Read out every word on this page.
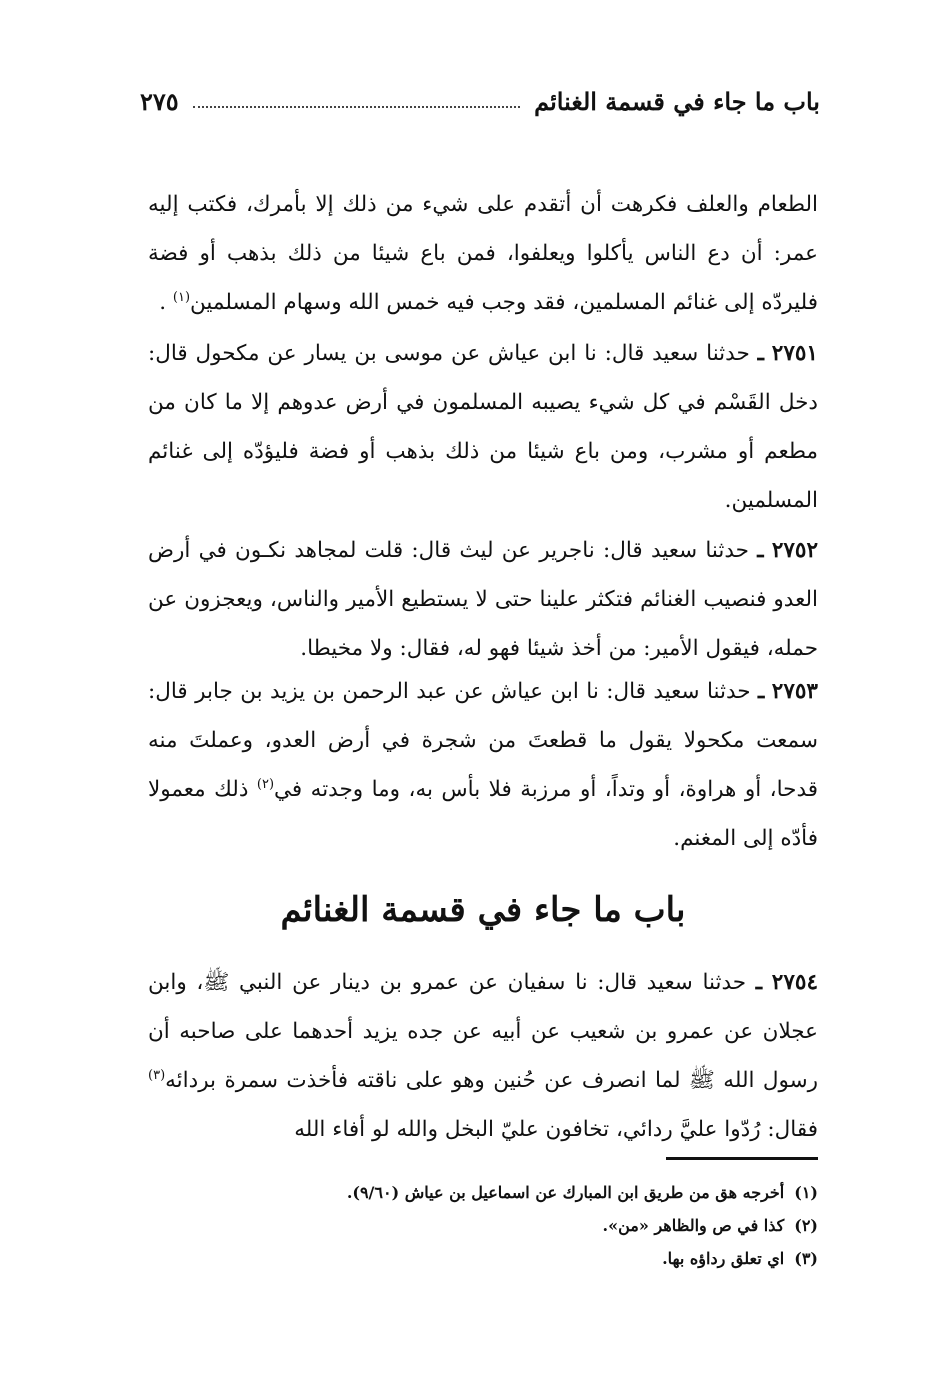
باب ما جاء في قسمة الغنائم
٢٧٥

الطعام والعلف فكرهت أن أتقدم على شيء من ذلك إلا بأمرك، فكتب إليه عمر: أن دع الناس يأكلوا ويعلفوا، فمن باع شيئا من ذلك بذهب أو فضة فليردّه إلى غنائم المسلمين، فقد وجب فيه خمس الله وسهام المسلمين$^{(١)}$ .

٢٧٥١ ـ حدثنا سعيد قال: نا ابن عياش عن موسى بن يسار عن مكحول قال: دخل القَسْم في كل شيء يصيبه المسلمون في أرض عدوهم إلا ما كان من مطعم أو مشرب، ومن باع شيئا من ذلك بذهب أو فضة فليؤدّه إلى غنائم المسلمين.

٢٧٥٢ ـ حدثنا سعيد قال: ناجرير عن ليث قال: قلت لمجاهد نكـون في أرض العدو فنصيب الغنائم فتكثر علينا حتى لا يستطيع الأمير والناس، ويعجزون عن حمله، فيقول الأمير: من أخذ شيئا فهو له، فقال: ولا مخيطا.

٢٧٥٣ ـ حدثنا سعيد قال: نا ابن عياش عن عبد الرحمن بن يزيد بن جابر قال: سمعت مكحولا يقول ما قطعتَ من شجرة في أرض العدو، وعملتَ منه قدحا، أو هراوة، أو وتداً، أو مرزبة فلا بأس به، وما وجدته في$^{(٢)}$ ذلك معمولا فأدّه إلى المغنم.

باب ما جاء في قسمة الغنائم

٢٧٥٤ ـ حدثنا سعيد قال: نا سفيان عن عمرو بن دينار عن النبي ﷺ، وابن عجلان عن عمرو بن شعيب عن أبيه عن جده يزيد أحدهما على صاحبه أن رسول الله ﷺ لما انصرف عن حُنين وهو على ناقته فأخذت سمرة بردائه$^{(٣)}$ فقال: رُدّوا عليَّ ردائي، تخافون عليّ البخل والله لو أفاء الله

(١)أخرجه هق من طريق ابن المبارك عن اسماعيل بن عياش (٩/٦٠).

(٢)كذا في ص والظاهر «من».

(٣)اي تعلق رداؤه بها.
